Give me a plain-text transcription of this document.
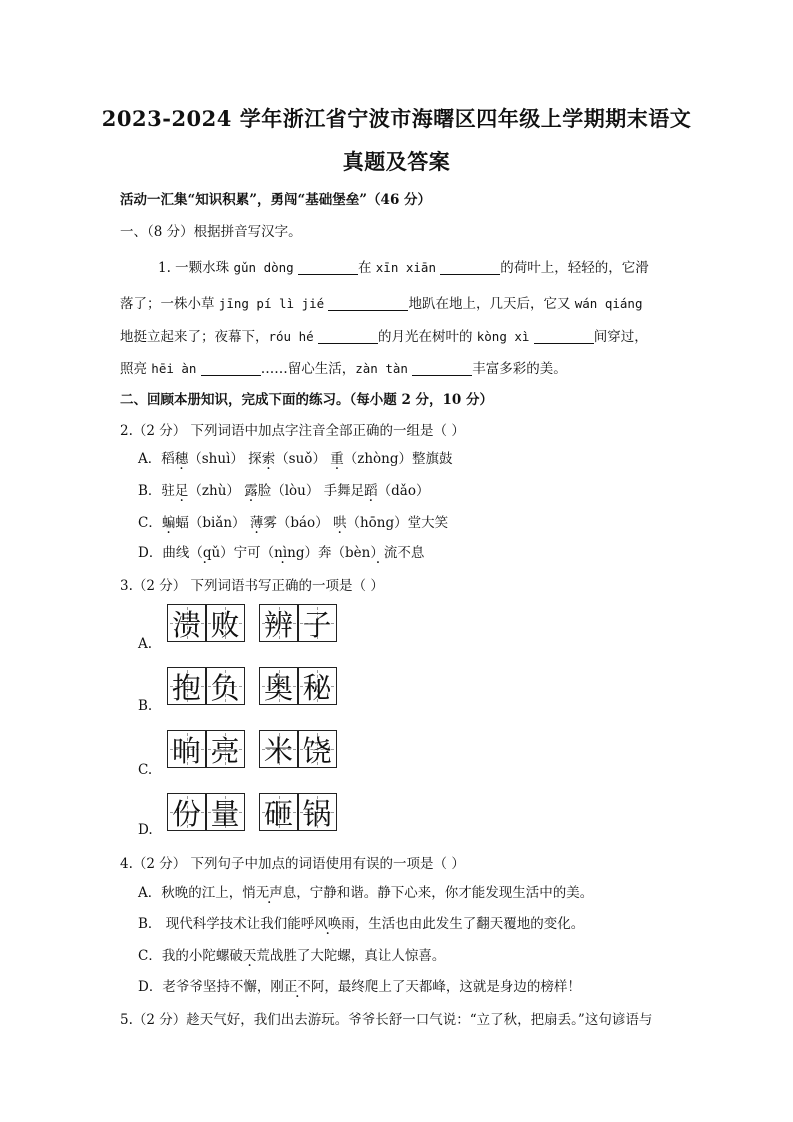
2023-2024 学年浙江省宁波市海曙区四年级上学期期末语文
真题及答案
活动一汇集“知识积累”，勇闯“基础堡垒”（46 分）
一、（8 分）根据拼音写汉字。
1. 一颗水珠 gǔn dòng	在 xīn xiān	的荷叶上，轻轻的，它滑
落了；一株小草 jīng pí lì jié	地趴在地上，几天后，它又 wán qiáng
地挺立起来了；夜幕下，róu hé	的月光在树叶的 kòng xì	间穿过，
照亮 hēi àn	……留心生活，zàn tàn	丰富多彩的美。
二、回顾本册知识，完成下面的练习。（每小题 2 分，10 分）
2.（2 分） 下列词语中加点字注音全部正确的一组是（ ）
A．稻穗（shuì） 探索（suǒ） 重（zhòng）整旗鼓
B．驻足（zhù） 露脸（lòu） 手舞足蹈（dǎo）
C．蝙蝠（biǎn） 薄雾（báo） 哄（hōng）堂大笑
D．曲线（qǔ） ·宁可（nìng） ·奔（bèn）流不息 ·
3.（2 分） 下列词语书写正确的一项是（ ）
A.
溃 败 辨 子
B.
抱 负 奥 秘
C.
晌 亮 米 饶
D. 份 量 砸 锅
4.（2 分） 下列句子中加点的词语使用有误的一项是（ ）
A．秋晚的江上，悄无声息，宁静和谐。静下心来，你才能发现生活中的美。
B． 现代科学技术让我们能呼风唤雨，生活也由此发生了翻天覆地的变化。
C．我的小陀螺破天荒战胜了大陀螺，真让人惊喜。
D．老爷爷坚持不懈，刚正不阿，最终爬上了天都峰，这就是身边的榜样！
5.（2 分）趁天气好，我们出去游玩。爷爷长舒一口气说：“立了秋，把扇丢。”这句谚语与
